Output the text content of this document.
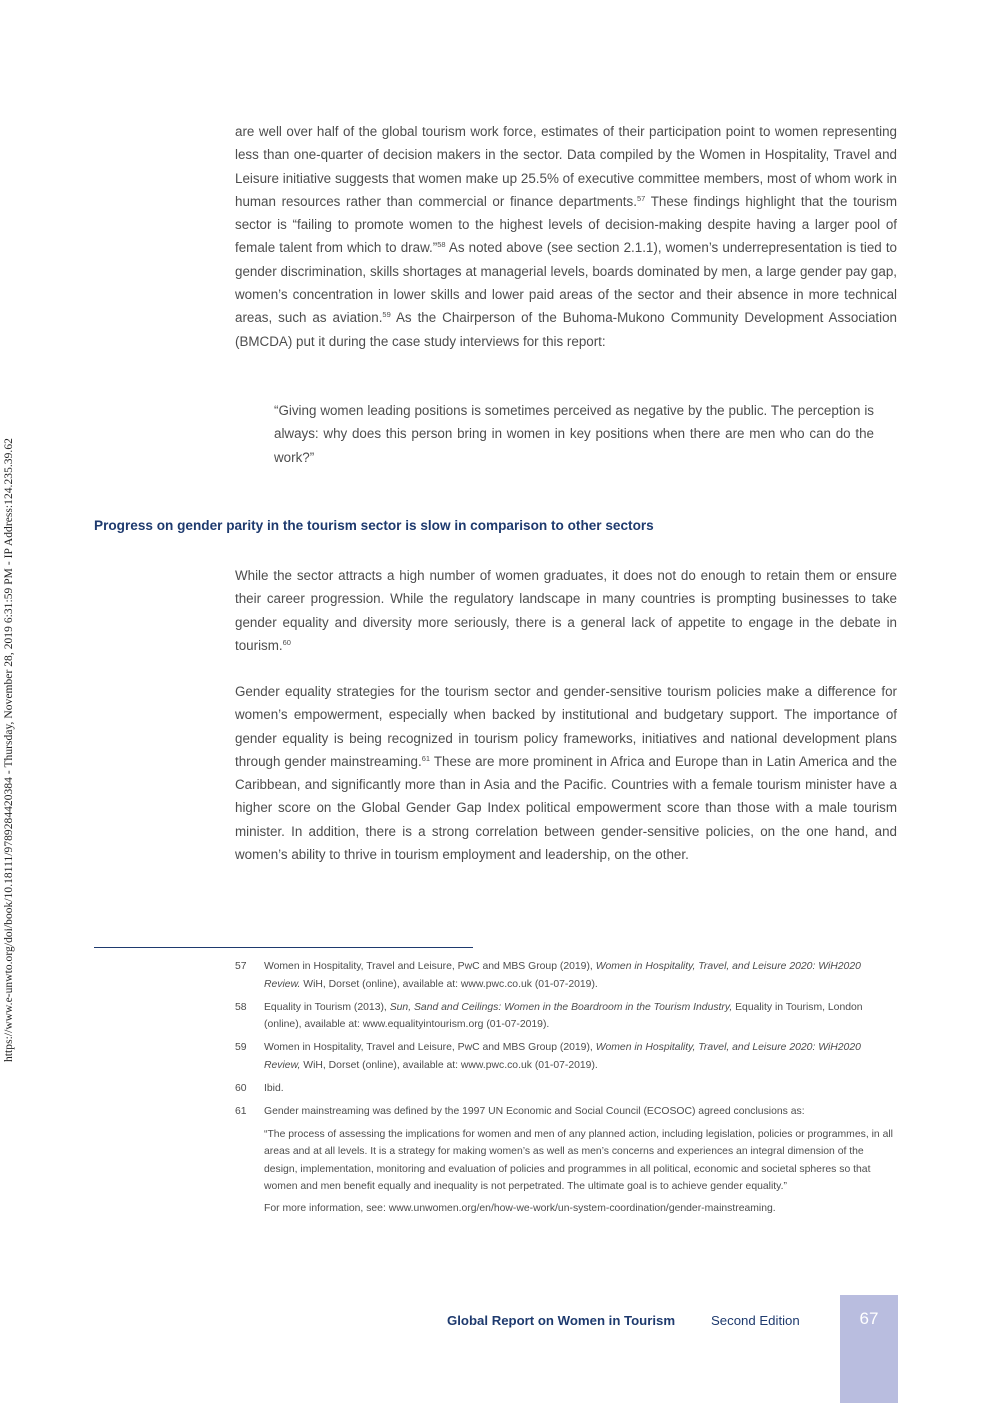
https://www.e-unwto.org/doi/book/10.18111/9789284420384 - Thursday, November 28, 2019 6:31:59 PM - IP Address:124.235.39.62

are well over half of the global tourism work force, estimates of their participation point to women representing less than one-quarter of decision makers in the sector. Data compiled by the Women in Hospitality, Travel and Leisure initiative suggests that women make up 25.5% of executive committee members, most of whom work in human resources rather than commercial or finance departments.$^{57}$ These findings highlight that the tourism sector is “failing to promote women to the highest levels of decision-making despite having a larger pool of female talent from which to draw.”$^{58}$ As noted above (see section 2.1.1), women’s underrepresentation is tied to gender discrimination, skills shortages at managerial levels, boards dominated by men, a large gender pay gap, women’s concentration in lower skills and lower paid areas of the sector and their absence in more technical areas, such as aviation.$^{59}$ As the Chairperson of the Buhoma-Mukono Community Development Association (BMCDA) put it during the case study interviews for this report:

“Giving women leading positions is sometimes perceived as negative by the public. The perception is always: why does this person bring in women in key positions when there are men who can do the work?”
Progress on gender parity in the tourism sector is slow in comparison to other sectors

While the sector attracts a high number of women graduates, it does not do enough to retain them or ensure their career progression. While the regulatory landscape in many countries is prompting businesses to take gender equality and diversity more seriously, there is a general lack of appetite to engage in the debate in tourism.$^{60}$

Gender equality strategies for the tourism sector and gender-sensitive tourism policies make a difference for women’s empowerment, especially when backed by institutional and budgetary support. The importance of gender equality is being recognized in tourism policy frameworks, initiatives and national development plans through gender mainstreaming.$^{61}$ These are more prominent in Africa and Europe than in Latin America and the Caribbean, and significantly more than in Asia and the Pacific. Countries with a female tourism minister have a higher score on the Global Gender Gap Index political empowerment score than those with a male tourism minister. In addition, there is a strong correlation between gender-sensitive policies, on the one hand, and women’s ability to thrive in tourism employment and leadership, on the other.

57	Women in Hospitality, Travel and Leisure, PwC and MBS Group (2019), Women in Hospitality, Travel, and Leisure 2020: WiH2020 Review. WiH, Dorset (online), available at: www.pwc.co.uk (01-07-2019).
58	Equality in Tourism (2013), Sun, Sand and Ceilings: Women in the Boardroom in the Tourism Industry, Equality in Tourism, London (online), available at: www.equalityintourism.org (01-07-2019).
59	Women in Hospitality, Travel and Leisure, PwC and MBS Group (2019), Women in Hospitality, Travel, and Leisure 2020: WiH2020 Review, WiH, Dorset (online), available at: www.pwc.co.uk (01-07-2019).
60	Ibid.
61	Gender mainstreaming was defined by the 1997 UN Economic and Social Council (ECOSOC) agreed conclusions as:
“The process of assessing the implications for women and men of any planned action, including legislation, policies or programmes, in all areas and at all levels. It is a strategy for making women’s as well as men’s concerns and experiences an integral dimension of the design, implementation, monitoring and evaluation of policies and programmes in all political, economic and societal spheres so that women and men benefit equally and inequality is not perpetrated. The ultimate goal is to achieve gender equality.”
For more information, see: www.unwomen.org/en/how-we-work/un-system-coordination/gender-mainstreaming.
Global Report on Women in Tourism	Second Edition	67
